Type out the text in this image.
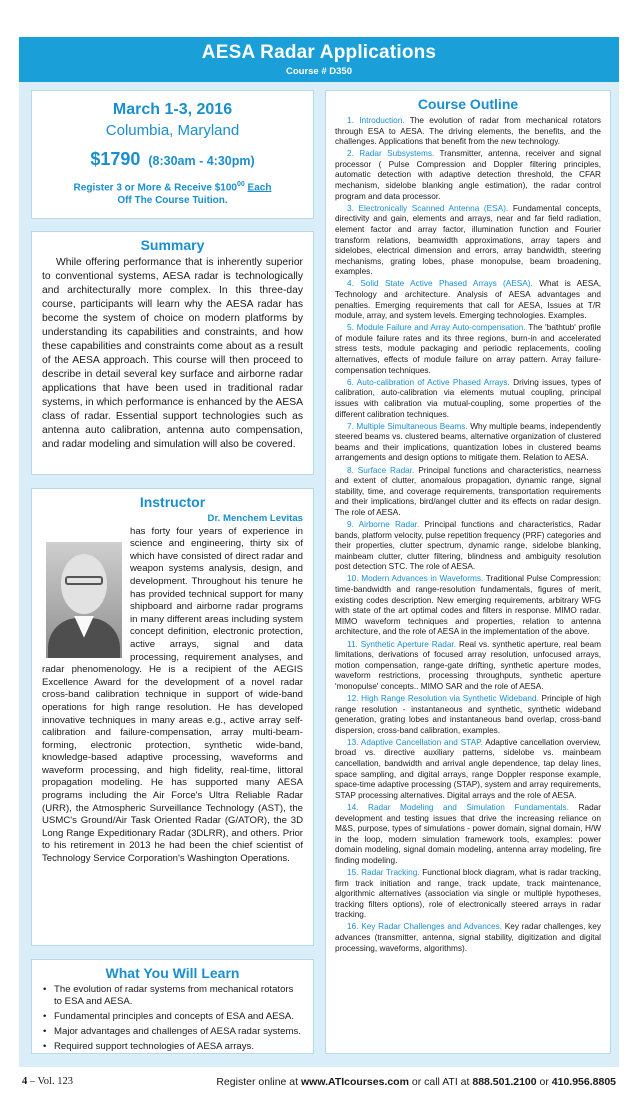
AESA Radar Applications
Course # D350
March 1-3, 2016
Columbia, Maryland
$1790 (8:30am - 4:30pm)
Register 3 or More & Receive $\$100^{00}$ Each
Off The Course Tuition.
Summary

While offering performance that is inherently superior to conventional systems, AESA radar is technologically and architecturally more complex. In this three-day course, participants will learn why the AESA radar has become the system of choice on modern platforms by understanding its capabilities and constraints, and how these capabilities and constraints come about as a result of the AESA approach. This course will then proceed to describe in detail several key surface and airborne radar applications that have been used in traditional radar systems, in which performance is enhanced by the AESA class of radar. Essential support technologies such as antenna auto calibration, antenna auto compensation, and radar modeling and simulation will also be covered.

Instructor
Dr. Menchem Levitas
has forty four years of experience in science and engineering, thirty six of which have consisted of direct radar and weapon systems analysis, design, and development. Throughout his tenure he has provided technical support for many shipboard and airborne radar programs in many different areas including system concept definition, electronic protection, active arrays, signal and data processing, requirement analyses, and radar phenomenology. He is a recipient of the AEGIS Excellence Award for the development of a novel radar cross-band calibration technique in support of wide-band operations for high range resolution. He has developed innovative techniques in many areas e.g., active array self-calibration and failure-compensation, array multi-beam-forming, electronic protection, synthetic wide-band, knowledge-based adaptive processing, waveforms and waveform processing, and high fidelity, real-time, littoral propagation modeling. He has supported many AESA programs including the Air Force's Ultra Reliable Radar (URR), the Atmospheric Surveillance Technology (AST), the USMC's Ground/Air Task Oriented Radar (G/ATOR), the 3D Long Range Expeditionary Radar (3DLRR), and others. Prior to his retirement in 2013 he had been the chief scientist of Technology Service Corporation's Washington Operations.
What You Will Learn
• The evolution of radar systems from mechanical rotators to ESA and AESA.
• Fundamental principles and concepts of ESA and AESA.
• Major advantages and challenges of AESA radar systems.
• Required support technologies of AESA arrays.
Course Outline

1. Introduction. The evolution of radar from mechanical rotators through ESA to AESA. The driving elements, the benefits, and the challenges. Applications that benefit from the new technology.

2. Radar Subsystems. Transmitter, antenna, receiver and signal processor ( Pulse Compression and Doppler filtering principles, automatic detection with adaptive detection threshold, the CFAR mechanism, sidelobe blanking angle estimation), the radar control program and data processor.

3. Electronically Scanned Antenna (ESA). Fundamental concepts, directivity and gain, elements and arrays, near and far field radiation, element factor and array factor, illumination function and Fourier transform relations, beamwidth approximations, array tapers and sidelobes, electrical dimension and errors, array bandwidth, steering mechanisms, grating lobes, phase monopulse, beam broadening, examples.

4. Solid State Active Phased Arrays (AESA). What is AESA, Technology and architecture. Analysis of AESA advantages and penalties. Emerging requirements that call for AESA, Issues at T/R module, array, and system levels. Emerging technologies. Examples.

5. Module Failure and Array Auto-compensation. The 'bathtub' profile of module failure rates and its three regions, burn-in and accelerated stress tests, module packaging and periodic replacements, cooling alternatives, effects of module failure on array pattern. Array failure-compensation techniques.

6. Auto-calibration of Active Phased Arrays. Driving issues, types of calibration, auto-calibration via elements mutual coupling, principal issues with calibration via mutual-coupling, some properties of the different calibration techniques.

7. Multiple Simultaneous Beams. Why multiple beams, independently steered beams vs. clustered beams, alternative organization of clustered beams and their implications, quantization lobes in clustered beams arrangements and design options to mitigate them. Relation to AESA.

8. Surface Radar. Principal functions and characteristics, nearness and extent of clutter, anomalous propagation, dynamic range, signal stability, time, and coverage requirements, transportation requirements and their implications, bird/angel clutter and its effects on radar design. The role of AESA.

9. Airborne Radar. Principal functions and characteristics, Radar bands, platform velocity, pulse repetition frequency (PRF) categories and their properties, clutter spectrum, dynamic range, sidelobe blanking, mainbeam clutter, clutter filtering, blindness and ambiguity resolution post detection STC. The role of AESA.

10. Modern Advances in Waveforms. Traditional Pulse Compression: time-bandwidth and range-resolution fundamentals, figures of merit, existing codes description. New emerging requirements, arbitrary WFG with state of the art optimal codes and filters in response. MIMO radar. MIMO waveform techniques and properties, relation to antenna architecture, and the role of AESA in the implementation of the above.

11. Synthetic Aperture Radar. Real vs. synthetic aperture, real beam limitations, derivations of focused array resolution, unfocused arrays, motion compensation, range-gate drifting, synthetic aperture modes, waveform restrictions, processing throughputs, synthetic aperture 'monopulse' concepts.. MIMO SAR and the role of AESA.

12. High Range Resolution via Synthetic Wideband. Principle of high range resolution - instantaneous and synthetic, synthetic wideband generation, grating lobes and instantaneous band overlap, cross-band dispersion, cross-band calibration, examples.

13. Adaptive Cancellation and STAP. Adaptive cancellation overview, broad vs. directive auxiliary patterns, sidelobe vs. mainbeam cancellation, bandwidth and arrival angle dependence, tap delay lines, space sampling, and digital arrays, range Doppler response example, space-time adaptive processing (STAP), system and array requirements, STAP processing alternatives. Digital arrays and the role of AESA.

14. Radar Modeling and Simulation Fundamentals. Radar development and testing issues that drive the increasing reliance on M&S, purpose, types of simulations - power domain, signal domain, H/W in the loop, modern simulation framework tools, examples: power domain modeling, signal domain modeling, antenna array modeling, fire finding modeling.

15. Radar Tracking. Functional block diagram, what is radar tracking, firm track initiation and range, track update, track maintenance, algorithmic alternatives (association via single or multiple hypotheses, tracking filters options), role of electronically steered arrays in radar tracking.

16. Key Radar Challenges and Advances. Key radar challenges, key advances (transmitter, antenna, signal stability, digitization and digital processing, waveforms, algorithms).

4 – Vol. 123	Register online at www.ATIcourses.com or call ATI at 888.501.2100 or 410.956.8805
